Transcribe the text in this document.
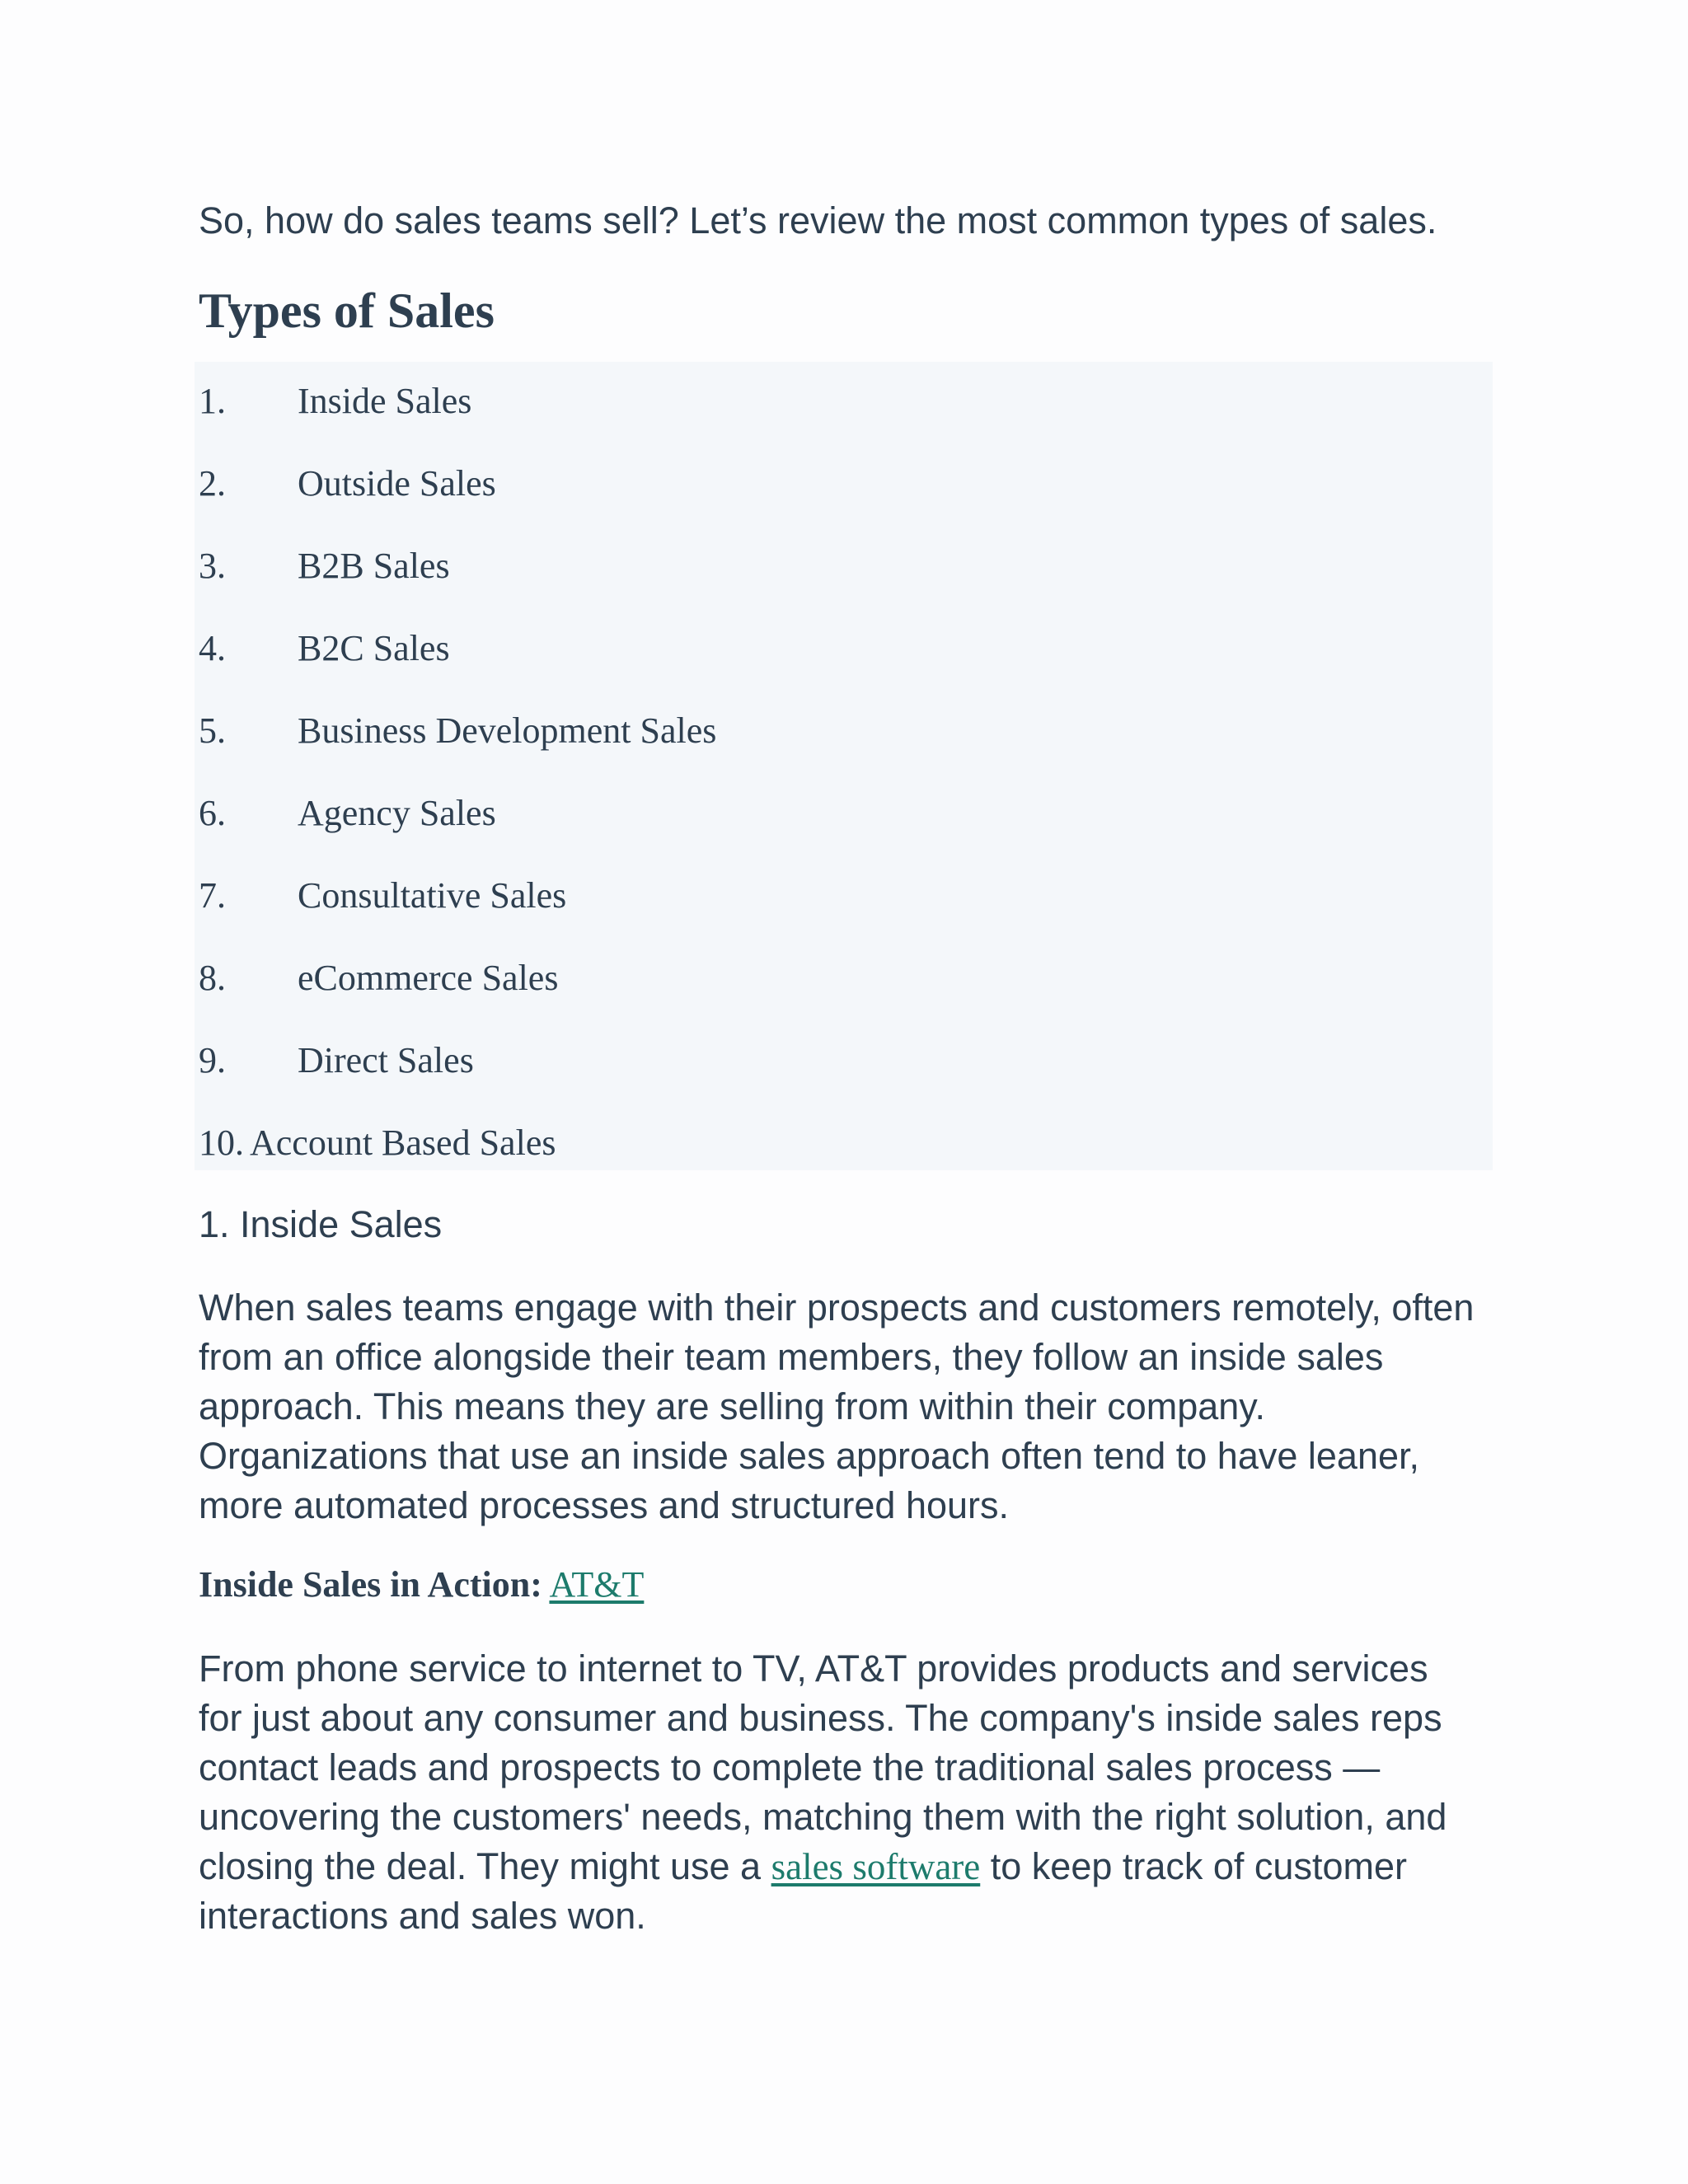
So, how do sales teams sell? Let’s review the most common types of sales.

Types of Sales
1. Inside Sales
2. Outside Sales
3. B2B Sales
4. B2C Sales
5. Business Development Sales
6. Agency Sales
7. Consultative Sales
8. eCommerce Sales
9. Direct Sales
10. Account Based Sales
1. Inside Sales
When sales teams engage with their prospects and customers remotely, often
from an office alongside their team members, they follow an inside sales
approach. This means they are selling from within their company.
Organizations that use an inside sales approach often tend to have leaner,
more automated processes and structured hours.

Inside Sales in Action: AT&T

From phone service to internet to TV, AT&T provides products and services
for just about any consumer and business. The company's inside sales reps
contact leads and prospects to complete the traditional sales process —
uncovering the customers' needs, matching them with the right solution, and
closing the deal. They might use a sales software to keep track of customer
interactions and sales won.
